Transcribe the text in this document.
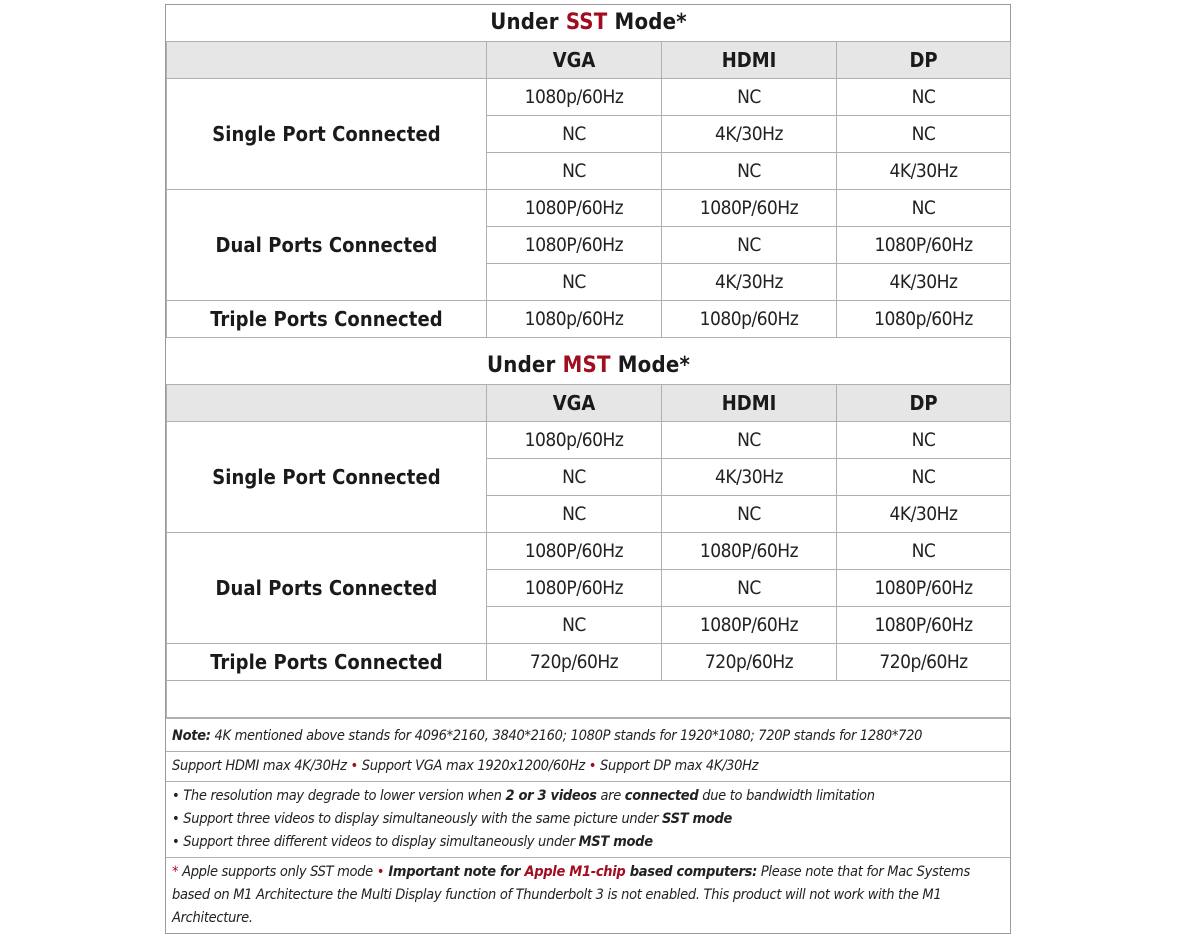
Under SST Mode*			
	VGA	HDMI	DP
Single Port Connected	1080p/60Hz	NC	NC
	NC	4K/30Hz	NC
	NC	NC	4K/30Hz
Dual Ports Connected	1080P/60Hz	1080P/60Hz	NC
	1080P/60Hz	NC	1080P/60Hz
	NC	4K/30Hz	4K/30Hz
Triple Ports Connected	1080p/60Hz	1080p/60Hz	1080p/60Hz
Under MST Mode*			
	VGA	HDMI	DP
Single Port Connected	1080p/60Hz	NC	NC
	NC	4K/30Hz	NC
	NC	NC	4K/30Hz
Dual Ports Connected	1080P/60Hz	1080P/60Hz	NC
	1080P/60Hz	NC	1080P/60Hz
	NC	1080P/60Hz	1080P/60Hz
Triple Ports Connected	720p/60Hz	720p/60Hz	720p/60Hz

Note: 4K mentioned above stands for 4096*2160, 3840*2160; 1080P stands for 1920*1080; 720P stands for 1280*720
Support HDMI max 4K/30Hz • Support VGA max 1920x1200/60Hz • Support DP max 4K/30Hz

• The resolution may degrade to lower version when 2 or 3 videos are connected due to bandwidth limitation
• Support three videos to display simultaneously with the same picture under SST mode
• Support three different videos to display simultaneously under MST mode

* Apple supports only SST mode • Important note for Apple M1-chip based computers: Please note that for Mac Systems based on M1 Architecture the Multi Display function of Thunderbolt 3 is not enabled. This product will not work with the M1 Architecture.
